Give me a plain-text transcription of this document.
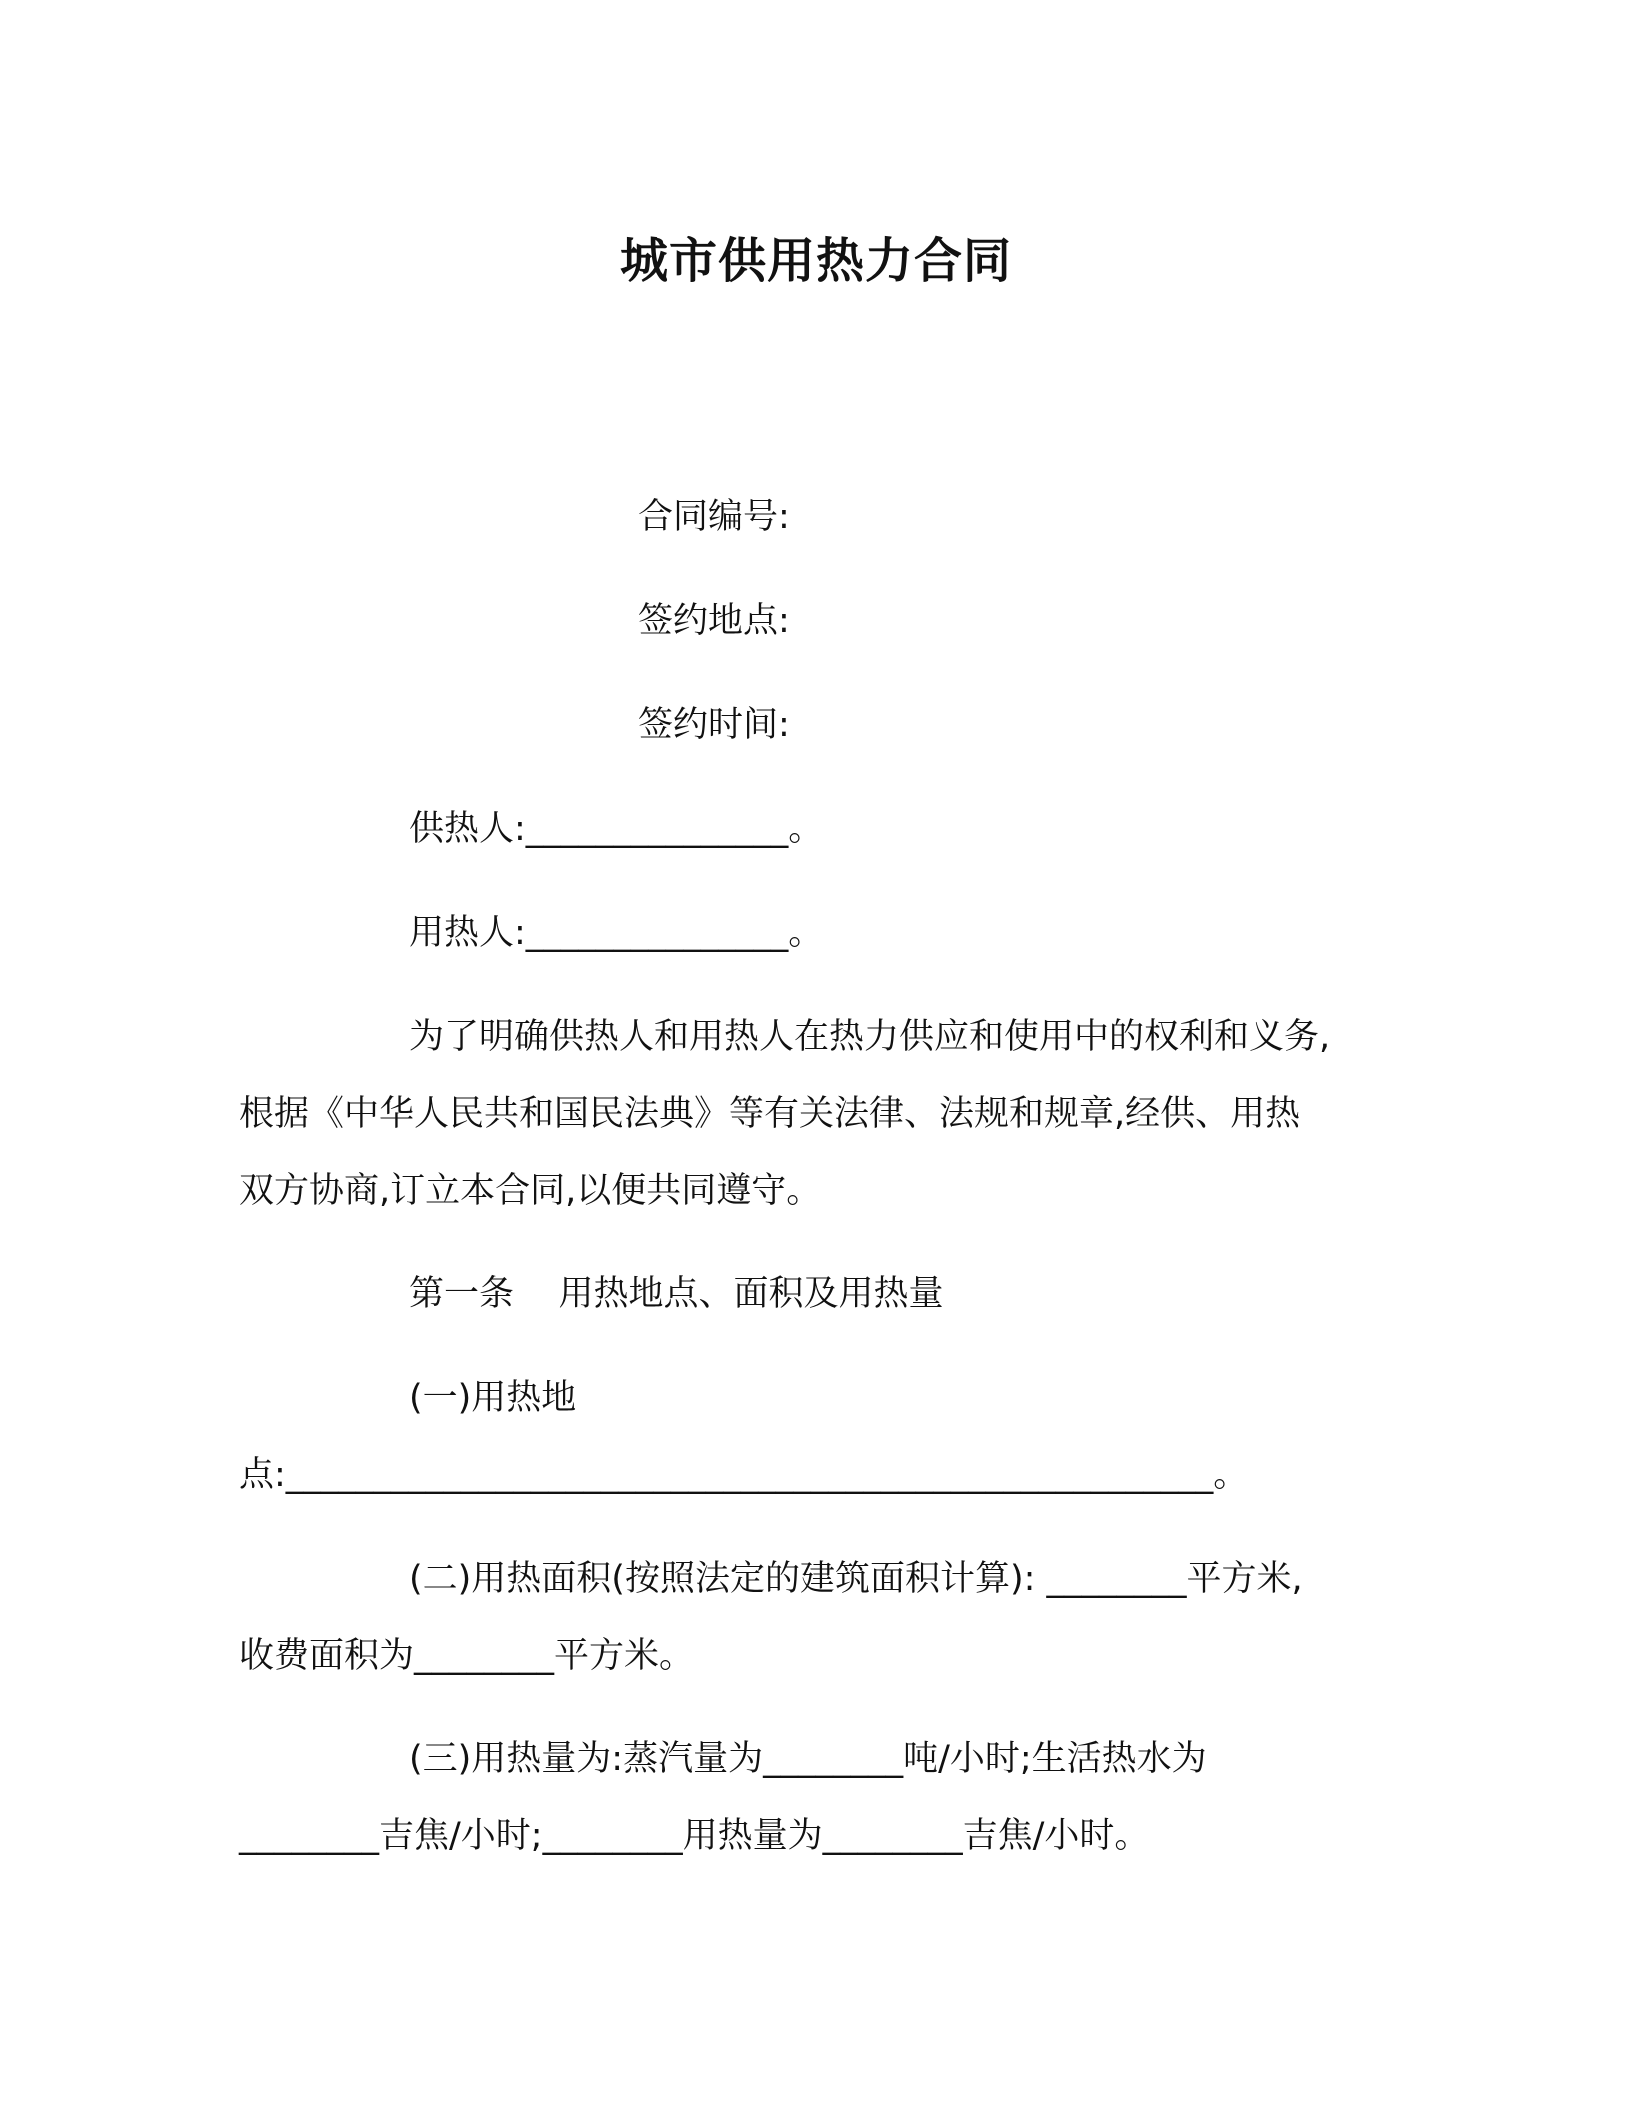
城市供用热力合同
合同编号:
签约地点:
签约时间:
供热人:_______________。
用热人:_______________。
为了明确供热人和用热人在热力供应和使用中的权利和义务,
根据《中华人民共和国民法典》等有关法律、法规和规章,经供、用热
双方协商,订立本合同,以便共同遵守。
第一条    用热地点、面积及用热量
(一)用热地
点:_____________________________________________________。
(二)用热面积(按照法定的建筑面积计算): ________平方米,
收费面积为________平方米。
(三)用热量为:蒸汽量为________吨/小时;生活热水为
________吉焦/小时;________用热量为________吉焦/小时。
